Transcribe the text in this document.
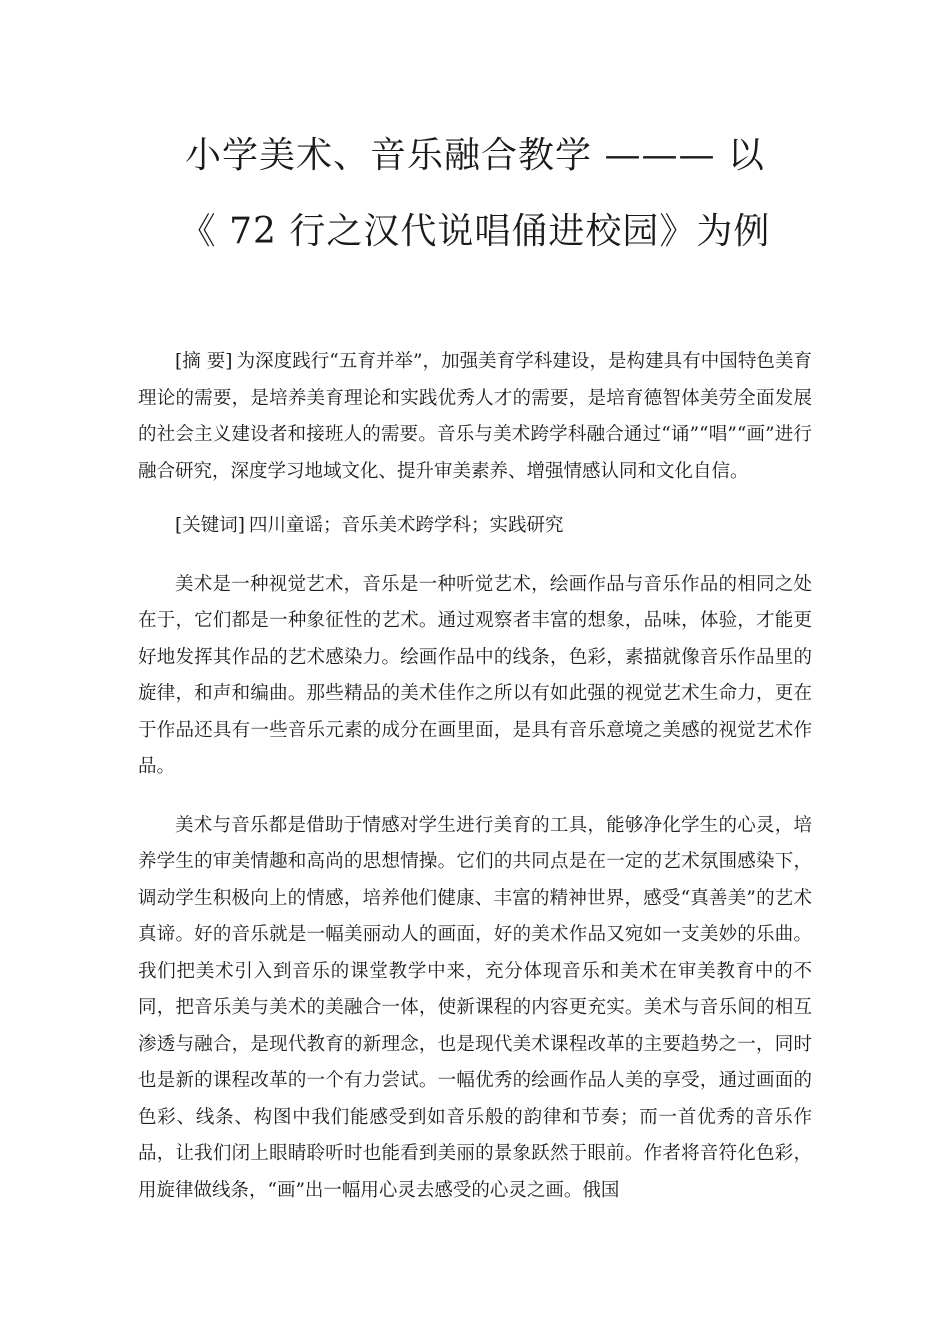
小学美术、音乐融合教学 ——— 以
《 72 行之汉代说唱俑进校园》为例

[摘 要] 为深度践行“五育并举”，加强美育学科建设，是构建具有中国特色美育理论的需要，是培养美育理论和实践优秀人才的需要，是培育德智体美劳全面发展的社会主义建设者和接班人的需要。音乐与美术跨学科融合通过“诵”“唱”“画”进行融合研究，深度学习地域文化、提升审美素养、增强情感认同和文化自信。

[关键词] 四川童谣；音乐美术跨学科；实践研究

美术是一种视觉艺术，音乐是一种听觉艺术，绘画作品与音乐作品的相同之处在于，它们都是一种象征性的艺术。通过观察者丰富的想象，品味，体验，才能更好地发挥其作品的艺术感染力。绘画作品中的线条，色彩，素描就像音乐作品里的旋律，和声和编曲。那些精品的美术佳作之所以有如此强的视觉艺术生命力，更在于作品还具有一些音乐元素的成分在画里面，是具有音乐意境之美感的视觉艺术作品。

美术与音乐都是借助于情感对学生进行美育的工具，能够净化学生的心灵，培养学生的审美情趣和高尚的思想情操。它们的共同点是在一定的艺术氛围感染下，调动学生积极向上的情感，培养他们健康、丰富的精神世界，感受“真善美”的艺术真谛。好的音乐就是一幅美丽动人的画面，好的美术作品又宛如一支美妙的乐曲。我们把美术引入到音乐的课堂教学中来，充分体现音乐和美术在审美教育中的不同，把音乐美与美术的美融合一体，使新课程的内容更充实。美术与音乐间的相互渗透与融合，是现代教育的新理念，也是现代美术课程改革的主要趋势之一，同时也是新的课程改革的一个有力尝试。一幅优秀的绘画作品人美的享受，通过画面的色彩、线条、构图中我们能感受到如音乐般的韵律和节奏；而一首优秀的音乐作品，让我们闭上眼睛聆听时也能看到美丽的景象跃然于眼前。作者将音符化色彩，用旋律做线条，“画”出一幅用心灵去感受的心灵之画。俄国
